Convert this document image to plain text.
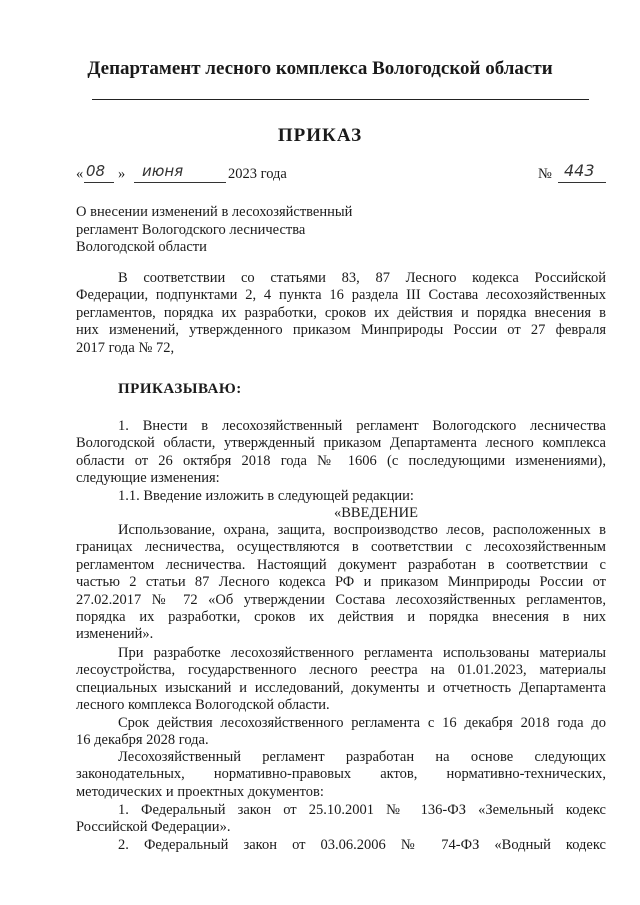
Департамент лесного комплекса Вологодской области
ПРИКАЗ
« 08 » июня	2023 года	№ 443
О внесении изменений в лесохозяйственный
регламент Вологодского лесничества
Вологодской области
В соответствии со статьями 83, 87 Лесного кодекса Российской
Федерации, подпунктами 2, 4 пункта 16 раздела III Состава лесохозяйственных
регламентов, порядка их разработки, сроков их действия и порядка внесения в
них изменений, утвержденного приказом Минприроды России от 27 февраля
2017 года № 72,
ПРИКАЗЫВАЮ:
1. Внести в лесохозяйственный регламент Вологодского лесничества
Вологодской области, утвержденный приказом Департамента лесного комплекса
области от 26 октября 2018 года № 1606 (с последующими изменениями),
следующие изменения:
1.1. Введение изложить в следующей редакции:
«ВВЕДЕНИЕ
Использование, охрана, защита, воспроизводство лесов, расположенных в
границах лесничества, осуществляются в соответствии с лесохозяйственным
регламентом лесничества. Настоящий документ разработан в соответствии с
частью 2 статьи 87 Лесного кодекса РФ и приказом Минприроды России от
27.02.2017 № 72 «Об утверждении Состава лесохозяйственных регламентов,
порядка их разработки, сроков их действия и порядка внесения в них
изменений».
При разработке лесохозяйственного регламента использованы материалы
лесоустройства, государственного лесного реестра на 01.01.2023, материалы
специальных изысканий и исследований, документы и отчетность Департамента
лесного комплекса Вологодской области.
Срок действия лесохозяйственного регламента с 16 декабря 2018 года до
16 декабря 2028 года.
Лесохозяйственный регламент разработан на основе следующих
законодательных, нормативно-правовых актов, нормативно-технических,
методических и проектных документов:
1. Федеральный закон от 25.10.2001 № 136-ФЗ «Земельный кодекс
Российской Федерации».
2. Федеральный закон от 03.06.2006 № 74-ФЗ «Водный кодекс
